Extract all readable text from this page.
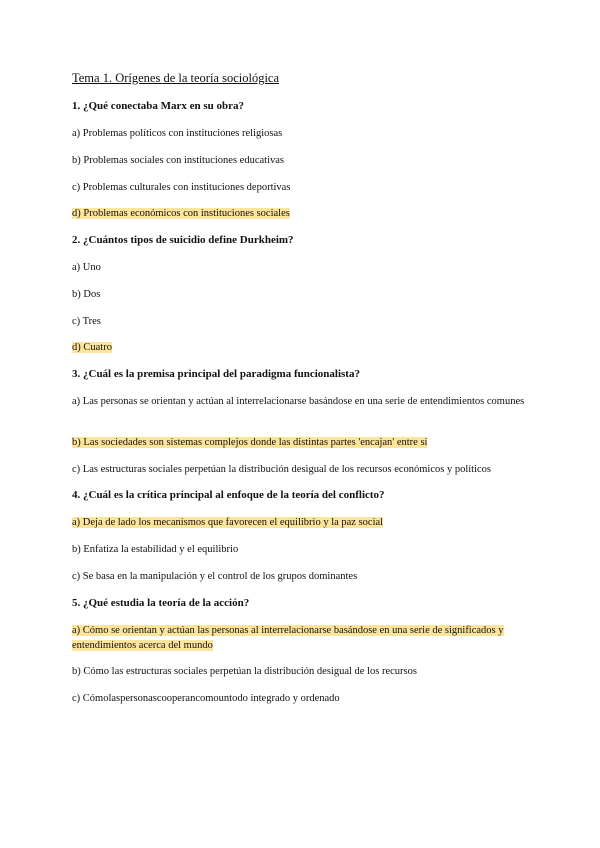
Tema 1. Orígenes de la teoría sociológica
1. ¿Qué conectaba Marx en su obra?
a) Problemas políticos con instituciones religiosas
b) Problemas sociales con instituciones educativas
c) Problemas culturales con instituciones deportivas
d) Problemas económicos con instituciones sociales
2. ¿Cuántos tipos de suicidio define Durkheim?
a) Uno
b) Dos
c) Tres
d) Cuatro
3. ¿Cuál es la premisa principal del paradigma funcionalista?
a) Las personas se orientan y actúan al interrelacionarse basándose en una serie de entendimientos comunes
b) Las sociedades son sistemas complejos donde las distintas partes 'encajan' entre sí
c) Las estructuras sociales perpetúan la distribución desigual de los recursos económicos y políticos
4. ¿Cuál es la crítica principal al enfoque de la teoría del conflicto?
a) Deja de lado los mecanismos que favorecen el equilibrio y la paz social
b) Enfatiza la estabilidad y el equilibrio
c) Se basa en la manipulación y el control de los grupos dominantes
5. ¿Qué estudia la teoría de la acción?
a) Cómo se orientan y actúan las personas al interrelacionarse basándose en una serie de significados y entendimientos acerca del mundo
b) Cómo las estructuras sociales perpetúan la distribución desigual de los recursos
c) Cómolaspersonascooperancomountodo integrado y ordenado
